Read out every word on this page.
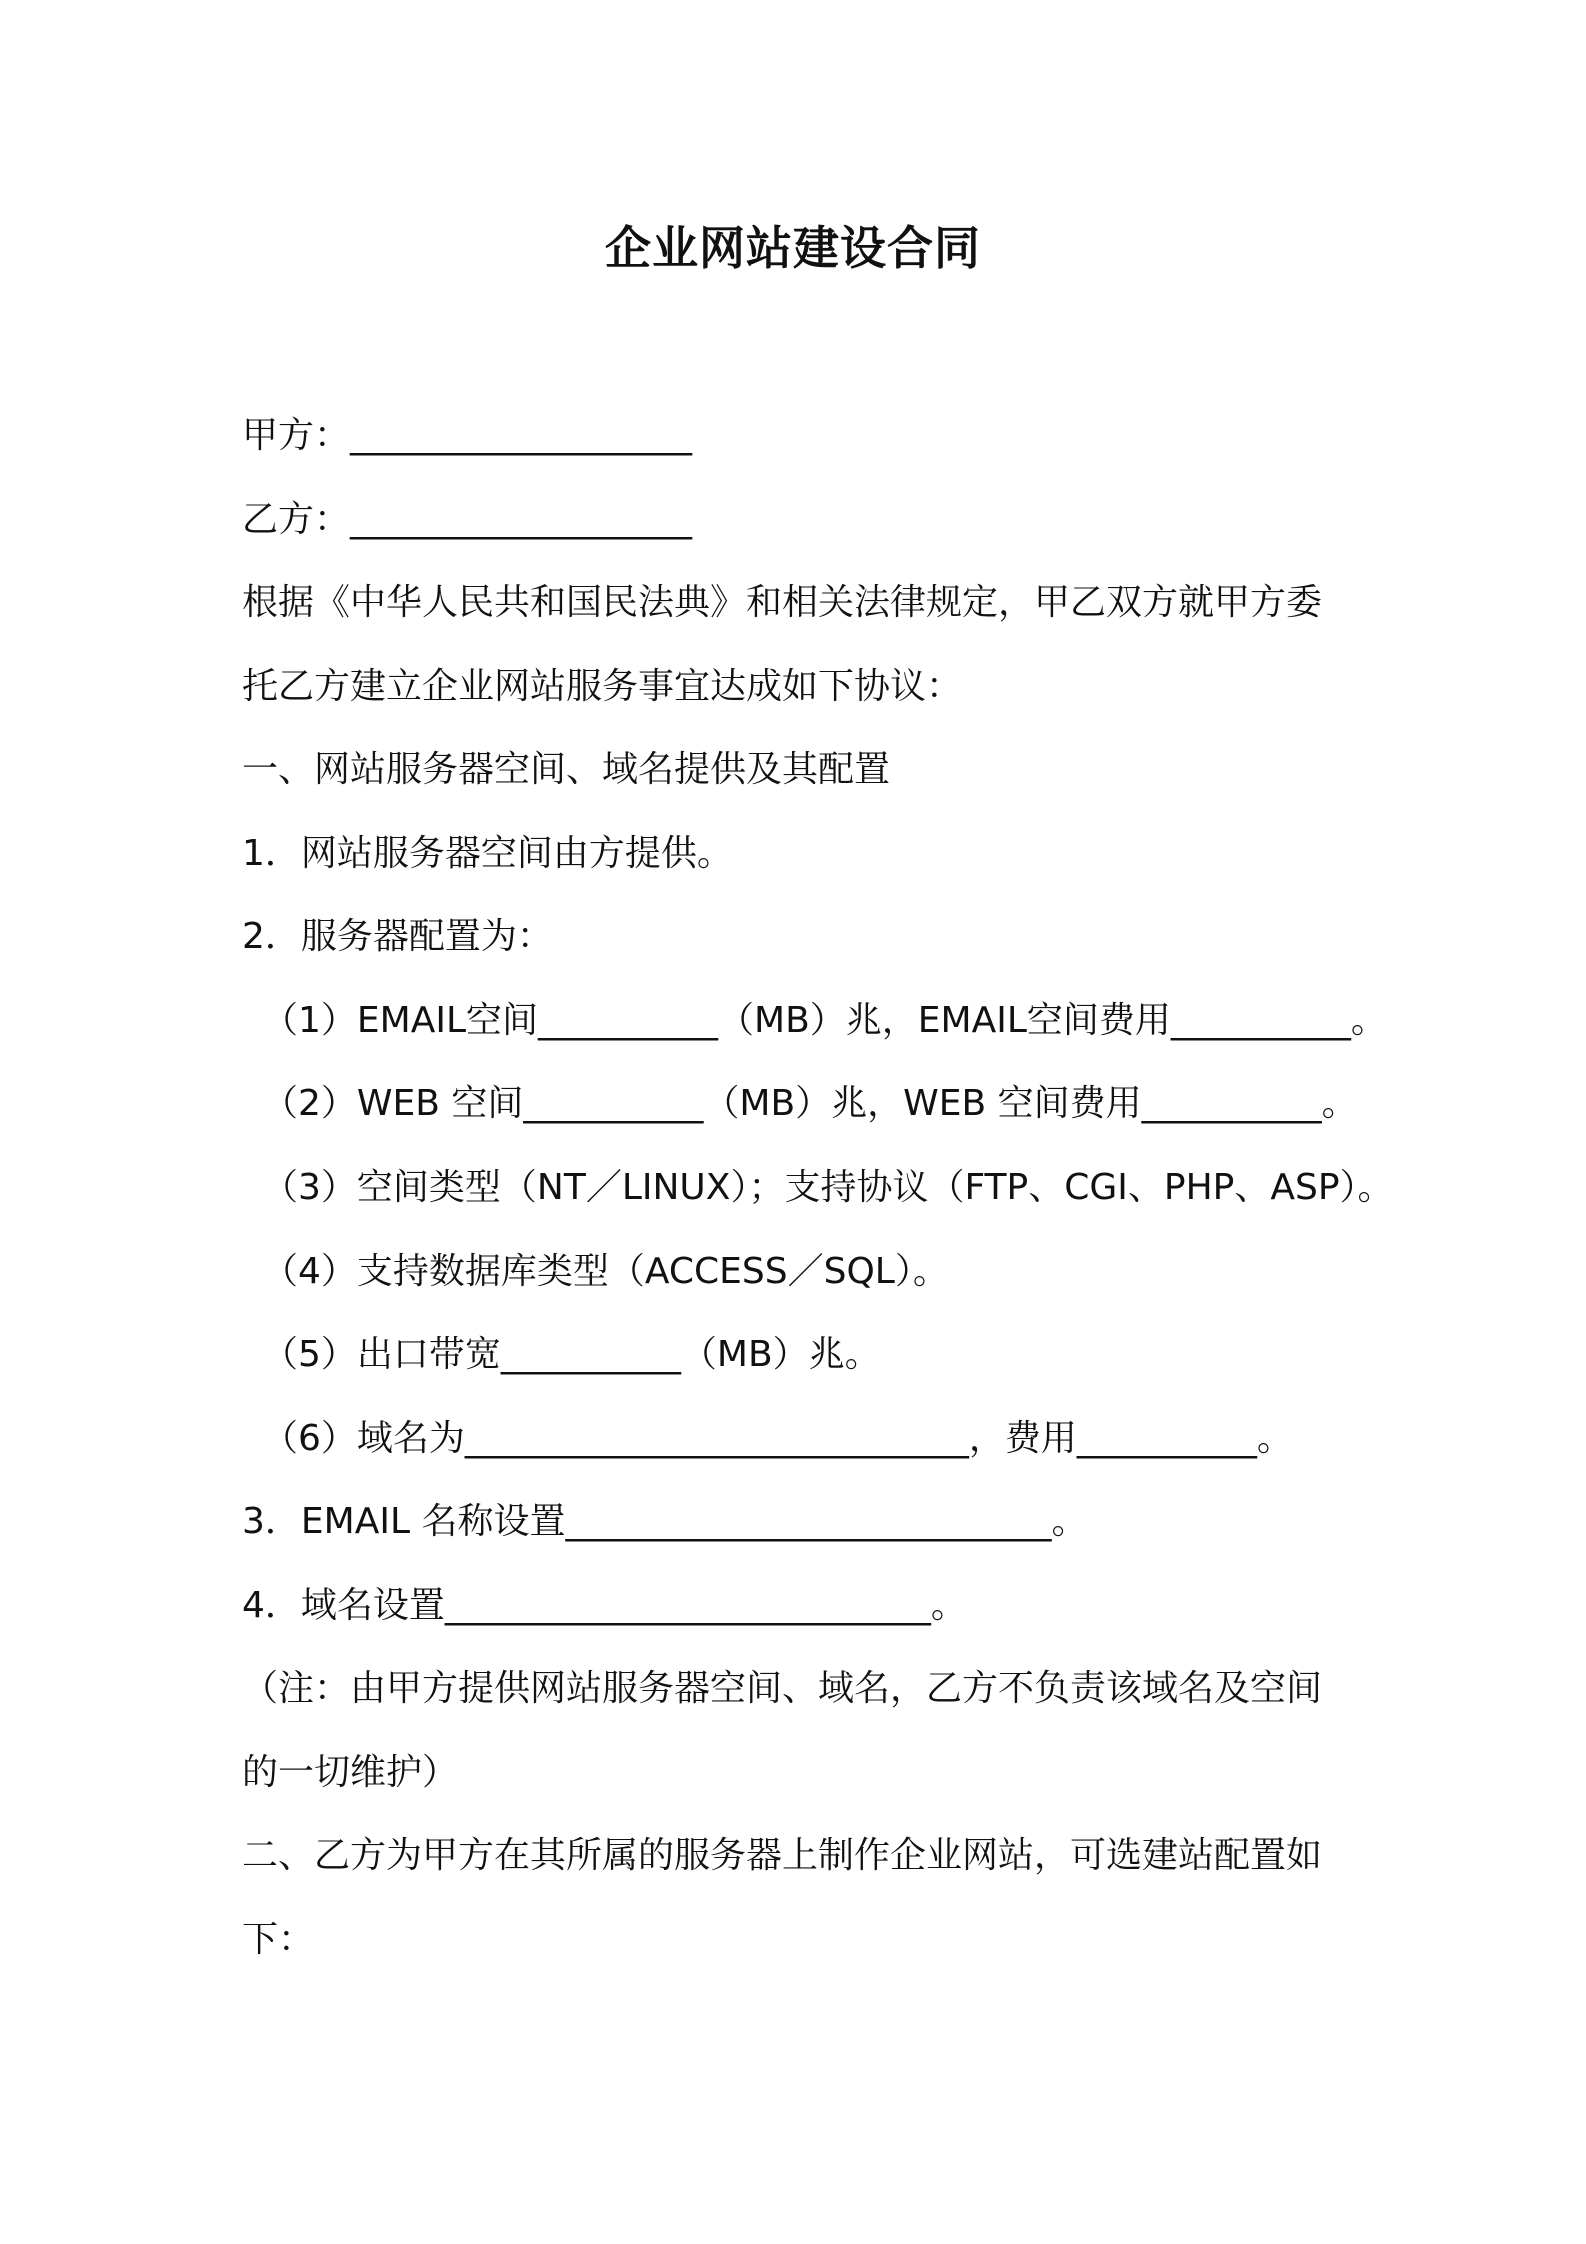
企业网站建设合同
甲方：___________________
乙方：___________________
根据《中华人民共和国民法典》和相关法律规定，甲乙双方就甲方委
托乙方建立企业网站服务事宜达成如下协议：
一、网站服务器空间、域名提供及其配置
1．网站服务器空间由方提供。
2．服务器配置为：
（1）EMAIL空间__________（MB）兆，EMAIL空间费用__________。
（2）WEB 空间__________（MB）兆，WEB 空间费用__________。
（3）空间类型（NT／LINUX）；支持协议（FTP、CGI、PHP、ASP）。
（4）支持数据库类型（ACCESS／SQL）。
（5）出口带宽__________（MB）兆。
（6）域名为____________________________，费用__________。
3．EMAIL 名称设置___________________________。
4．域名设置___________________________。
（注：由甲方提供网站服务器空间、域名，乙方不负责该域名及空间
的一切维护）
二、乙方为甲方在其所属的服务器上制作企业网站，可选建站配置如
下：
